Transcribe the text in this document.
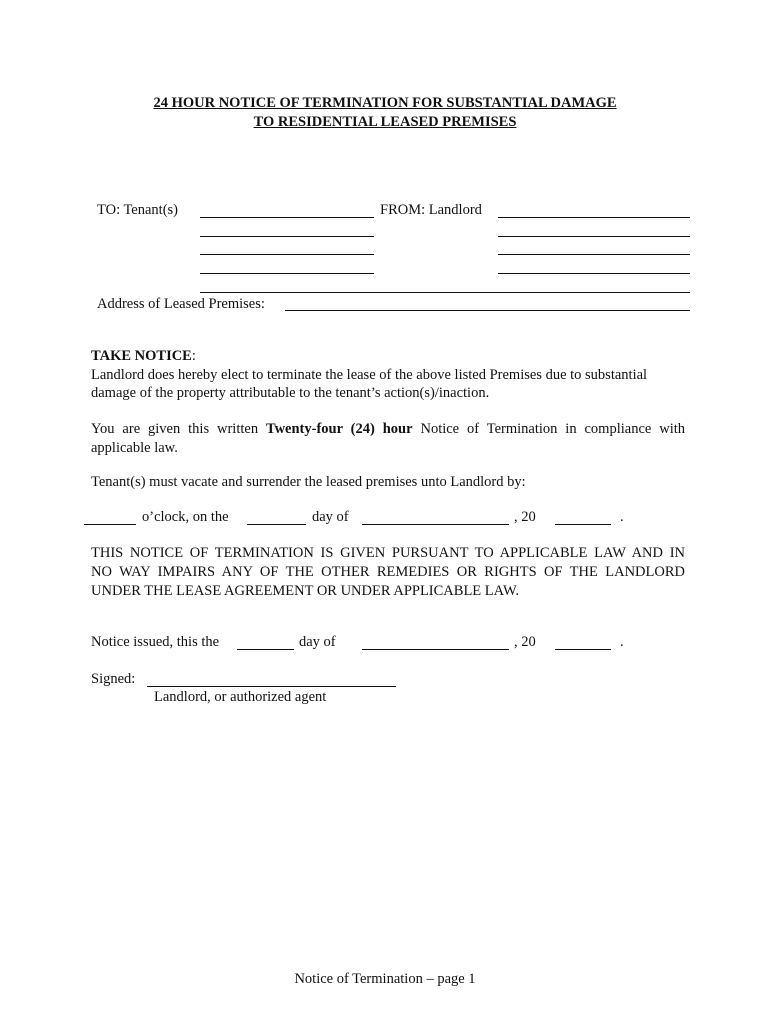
24 HOUR NOTICE OF TERMINATION FOR SUBSTANTIAL DAMAGE
TO RESIDENTIAL LEASED PREMISES
TO: Tenant(s)	FROM: Landlord
Address of Leased Premises:
TAKE NOTICE:
Landlord does hereby elect to terminate the lease of the above listed Premises due to substantial
damage of the property attributable to the tenant’s action(s)/inaction.
You are given this written Twenty-four (24) hour Notice of Termination in compliance with
applicable law.
Tenant(s) must vacate and surrender the leased premises unto Landlord by:
o’clock, on the	day of	, 20	.
THIS NOTICE OF TERMINATION IS GIVEN PURSUANT TO APPLICABLE LAW AND IN
NO WAY IMPAIRS ANY OF THE OTHER REMEDIES OR RIGHTS OF THE LANDLORD
UNDER THE LEASE AGREEMENT OR UNDER APPLICABLE LAW.
Notice issued, this the	day of	, 20	.
Signed:
Landlord, or authorized agent
Notice of Termination – page 1
